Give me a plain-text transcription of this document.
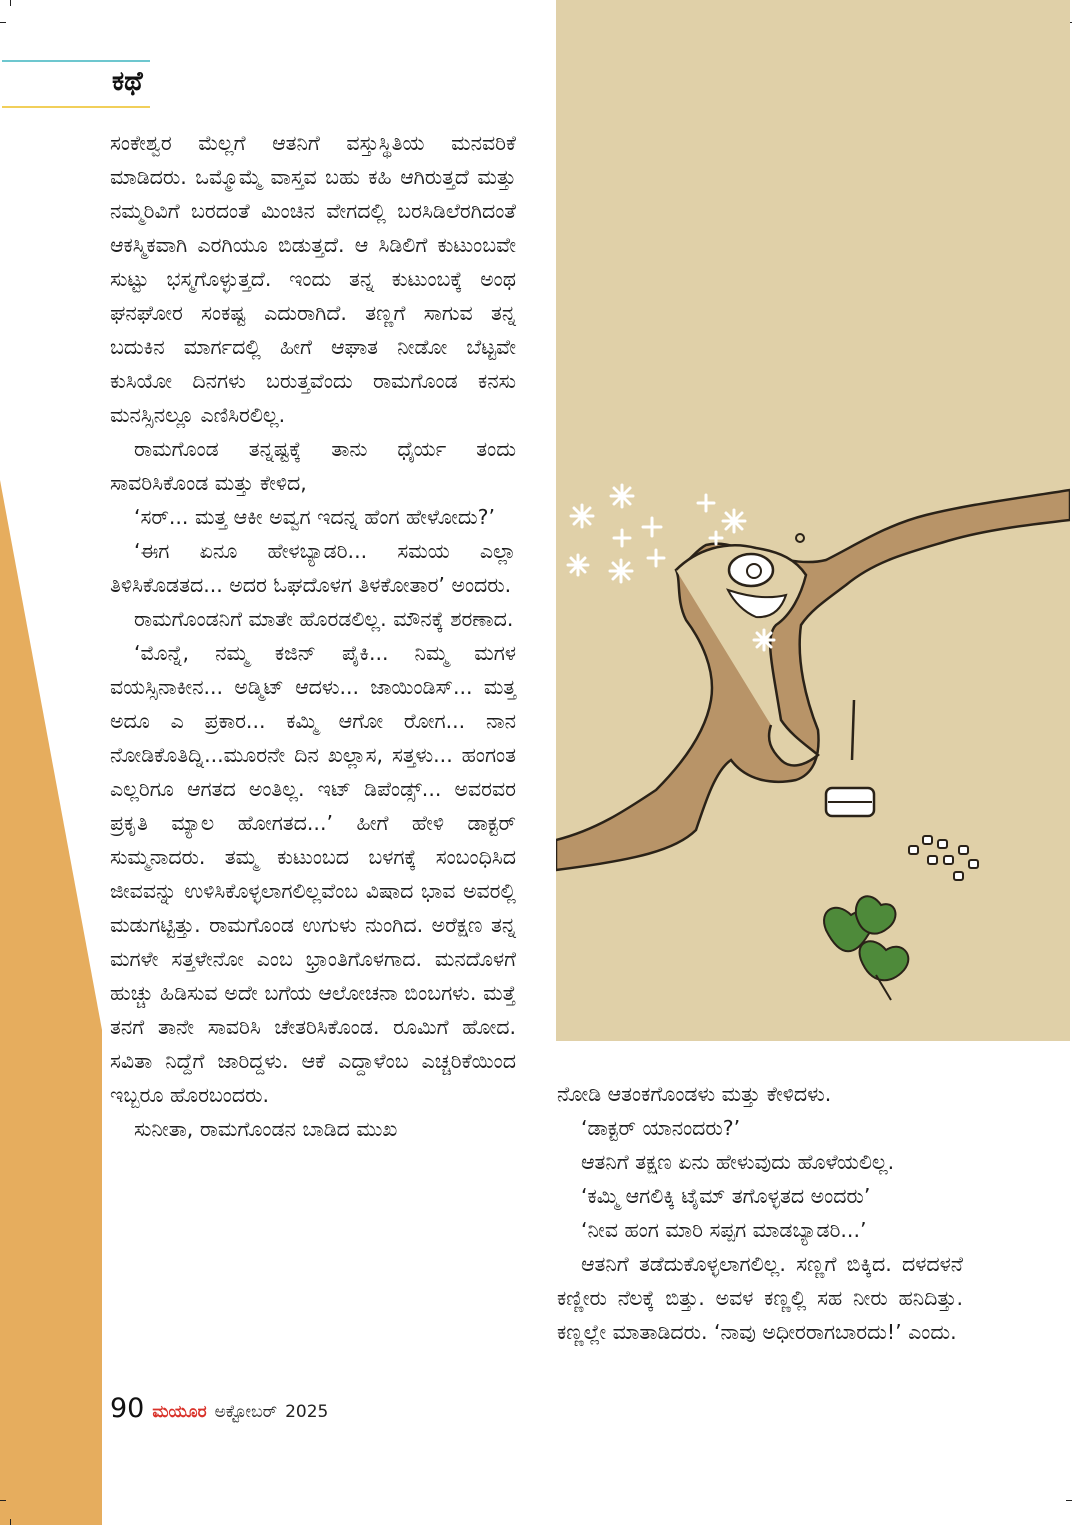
ಕಥೆ

ಸಂಕೇಶ್ವರ ಮೆಲ್ಲಗೆ ಆತನಿಗೆ ವಸ್ತುಸ್ಥಿತಿಯ ಮನವರಿಕೆ ಮಾಡಿದರು. ಒಮ್ಮೊಮ್ಮೆ ವಾಸ್ತವ ಬಹು ಕಹಿ ಆಗಿರುತ್ತದೆ ಮತ್ತು ನಮ್ಮರಿವಿಗೆ ಬರದಂತೆ ಮಿಂಚಿನ ವೇಗದಲ್ಲಿ ಬರಸಿಡಿಲೆರಗಿದಂತೆ ಆಕಸ್ಮಿಕವಾಗಿ ಎರಗಿಯೂ ಬಿಡುತ್ತದೆ. ಆ ಸಿಡಿಲಿಗೆ ಕುಟುಂಬವೇ ಸುಟ್ಟು ಭಸ್ಮಗೊಳ್ಳುತ್ತದೆ. ಇಂದು ತನ್ನ ಕುಟುಂಬಕ್ಕೆ ಅಂಥ ಘನಘೋರ ಸಂಕಷ್ಟ ಎದುರಾಗಿದೆ. ತಣ್ಣಗೆ ಸಾಗುವ ತನ್ನ ಬದುಕಿನ ಮಾರ್ಗದಲ್ಲಿ ಹೀಗೆ ಆಘಾತ ನೀಡೋ ಬೆಟ್ಟವೇ ಕುಸಿಯೋ ದಿನಗಳು ಬರುತ್ತವೆಂದು ರಾಮಗೊಂಡ ಕನಸು ಮನಸ್ಸಿನಲ್ಲೂ ಎಣಿಸಿರಲಿಲ್ಲ.

ರಾಮಗೊಂಡ ತನ್ನಷ್ಟಕ್ಕೆ ತಾನು ಧೈರ್ಯ ತಂದು ಸಾವರಿಸಿಕೊಂಡ ಮತ್ತು ಕೇಳಿದ,

‘ಸರ್... ಮತ್ತ ಆಕೀ ಅವ್ವಗ ಇದನ್ನ ಹೆಂಗ ಹೇಳೋದು?’

‘ಈಗ ಏನೂ ಹೇಳಬ್ಯಾಡರಿ... ಸಮಯ ಎಲ್ಲಾ ತಿಳಿಸಿಕೊಡತದ... ಅದರ ಓಘದೊಳಗ ತಿಳಕೋತಾರ’ ಅಂದರು.

ರಾಮಗೊಂಡನಿಗೆ ಮಾತೇ ಹೊರಡಲಿಲ್ಲ. ಮೌನಕ್ಕೆ ಶರಣಾದ.

‘ಮೊನ್ನೆ, ನಮ್ಮ ಕಜಿನ್ ಪೈಕಿ... ನಿಮ್ಮ ಮಗಳ ವಯಸ್ಸಿನಾಕೀನ... ಅಡ್ಮಿಟ್ ಆದಳು... ಜಾಯಿಂಡಿಸ್... ಮತ್ತ ಅದೂ ಎ ಪ್ರಕಾರ... ಕಮ್ಮಿ ಆಗೋ ರೋಗ... ನಾನ ನೋಡಿಕೊತಿದ್ನಿ...ಮೂರನೇ ದಿನ ಖಲ್ಲಾಸ, ಸತ್ತಳು... ಹಂಗಂತ ಎಲ್ಲರಿಗೂ ಆಗತದ ಅಂತಿಲ್ಲ. ಇಟ್ ಡಿಪೆಂಡ್ಸ್... ಅವರವರ ಪ್ರಕೃತಿ ಮ್ಯಾಲ ಹೋಗತದ...’ ಹೀಗೆ ಹೇಳಿ ಡಾಕ್ಟರ್ ಸುಮ್ಮನಾದರು. ತಮ್ಮ ಕುಟುಂಬದ ಬಳಗಕ್ಕೆ ಸಂಬಂಧಿಸಿದ ಜೀವವನ್ನು ಉಳಿಸಿಕೊಳ್ಳಲಾಗಲಿಲ್ಲವೆಂಬ ವಿಷಾದ ಭಾವ ಅವರಲ್ಲಿ ಮಡುಗಟ್ಟಿತ್ತು. ರಾಮಗೊಂಡ ಉಗುಳು ನುಂಗಿದ. ಅರೆಕ್ಷಣ ತನ್ನ ಮಗಳೇ ಸತ್ತಳೇನೋ ಎಂಬ ಭ್ರಾಂತಿಗೊಳಗಾದ. ಮನದೊಳಗೆ ಹುಚ್ಚು ಹಿಡಿಸುವ ಅದೇ ಬಗೆಯ ಆಲೋಚನಾ ಬಿಂಬಗಳು. ಮತ್ತೆ ತನಗೆ ತಾನೇ ಸಾವರಿಸಿ ಚೇತರಿಸಿಕೊಂಡ. ರೂಮಿಗೆ ಹೋದ. ಸವಿತಾ ನಿದ್ದೆಗೆ ಜಾರಿದ್ದಳು. ಆಕೆ ಎದ್ದಾಳೆಂಬ ಎಚ್ಚರಿಕೆಯಿಂದ ಇಬ್ಬರೂ ಹೊರಬಂದರು.

ಸುನೀತಾ, ರಾಮಗೊಂಡನ ಬಾಡಿದ ಮುಖ

ನೋಡಿ ಆತಂಕಗೊಂಡಳು ಮತ್ತು ಕೇಳಿದಳು.

‘ಡಾಕ್ಟರ್ ಯಾನಂದರು?’

ಆತನಿಗೆ ತಕ್ಷಣ ಏನು ಹೇಳುವುದು ಹೊಳೆಯಲಿಲ್ಲ.

‘ಕಮ್ಮಿ ಆಗಲಿಕ್ಕಿ ಟೈಮ್ ತಗೊಳ್ಳತದ ಅಂದರು’

‘ನೀವ ಹಂಗ ಮಾರಿ ಸಪ್ಪಗ ಮಾಡಬ್ಯಾಡರಿ...’

ಆತನಿಗೆ ತಡೆದುಕೊಳ್ಳಲಾಗಲಿಲ್ಲ. ಸಣ್ಣಗೆ ಬಿಕ್ಕಿದ. ದಳದಳನೆ ಕಣ್ಣೀರು ನೆಲಕ್ಕೆ ಬಿತ್ತು. ಅವಳ ಕಣ್ಣಲ್ಲಿ ಸಹ ನೀರು ಹನಿದಿತ್ತು. ಕಣ್ಣಲ್ಲೇ ಮಾತಾಡಿದರು. ‘ನಾವು ಅಧೀರರಾಗಬಾರದು!’ ಎಂದು.

90 ಮಯೂರ ಅಕ್ಟೋಬರ್ 2025
